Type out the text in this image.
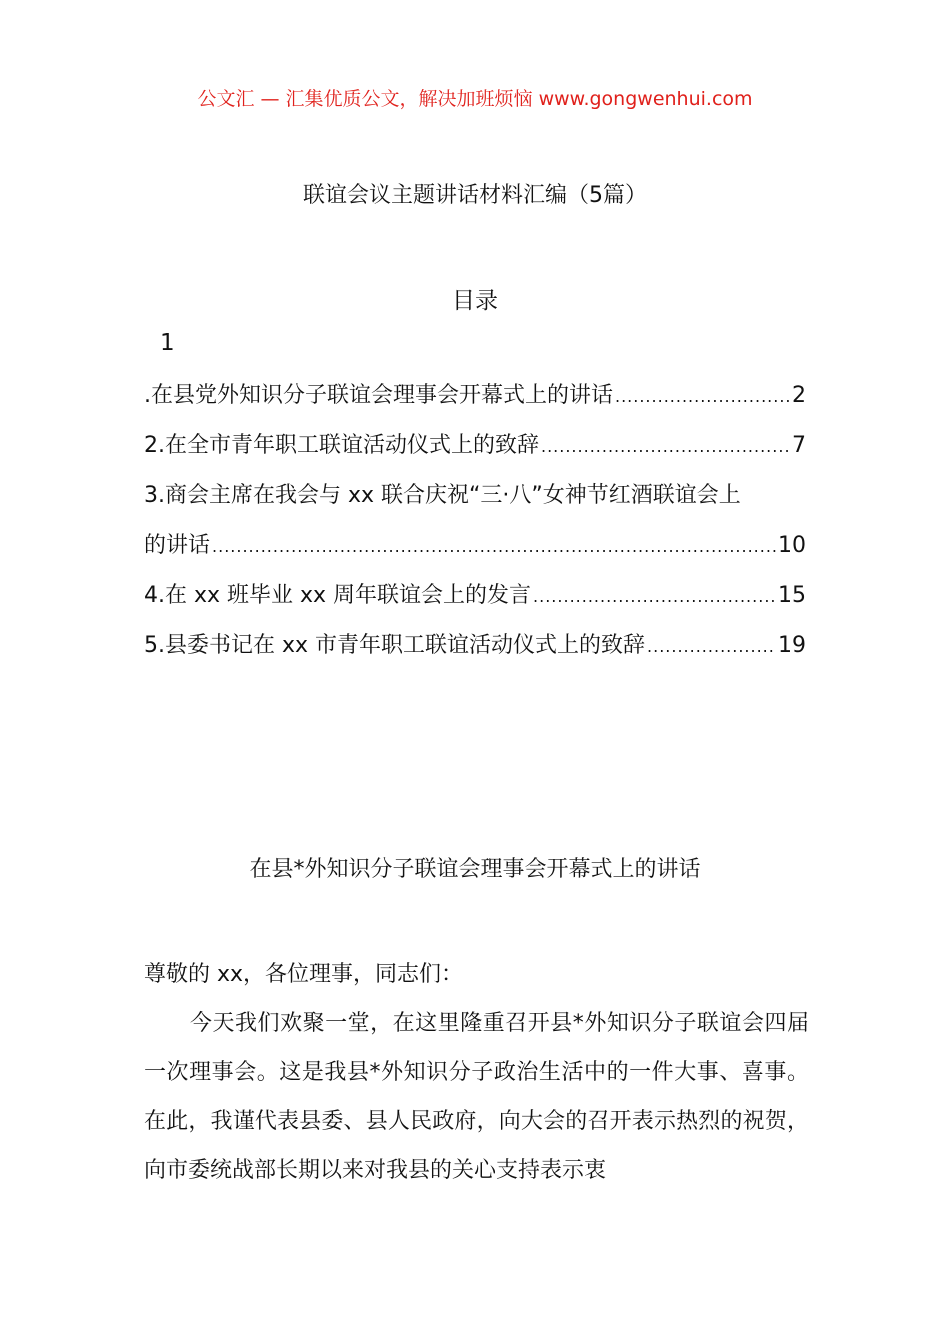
公文汇 — 汇集优质公文，解决加班烦恼 www.gongwenhui.com
联谊会议主题讲话材料汇编（5篇）
目录
1
.在县党外知识分子联谊会理事会开幕式上的讲话 .....	2
2.在全市青年职工联谊活动仪式上的致辞 .....	7
3.商会主席在我会与 xx 联合庆祝“三·八”女神节红酒联谊会上
的讲话 .....	10
4.在 xx 班毕业 xx 周年联谊会上的发言 .....	15
5.县委书记在 xx 市青年职工联谊活动仪式上的致辞 .....	19
在县*外知识分子联谊会理事会开幕式上的讲话

尊敬的 xx，各位理事，同志们：

今天我们欢聚一堂，在这里隆重召开县*外知识分子联谊会四届一次理事会。这是我县*外知识分子政治生活中的一件大事、喜事。在此，我谨代表县委、县人民政府，向大会的召开表示热烈的祝贺，向市委统战部长期以来对我县的关心支持表示衷
